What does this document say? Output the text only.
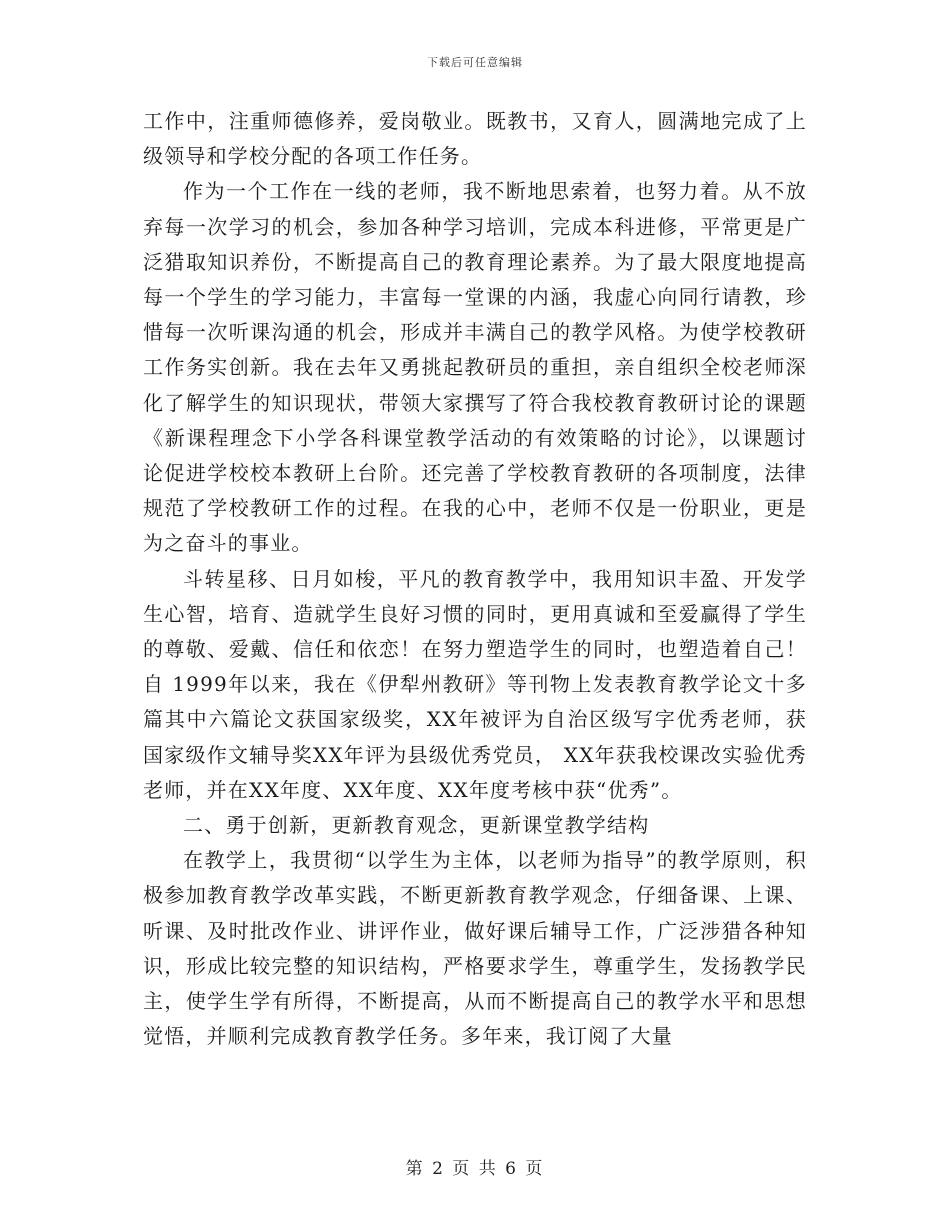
下载后可任意编辑

工作中，注重师德修养，爱岗敬业。既教书，又育人，圆满地完成了上级领导和学校分配的各项工作任务。

作为一个工作在一线的老师，我不断地思索着，也努力着。从不放弃每一次学习的机会，参加各种学习培训，完成本科进修，平常更是广泛猎取知识养份，不断提高自己的教育理论素养。为了最大限度地提高每一个学生的学习能力，丰富每一堂课的内涵，我虚心向同行请教，珍惜每一次听课沟通的机会，形成并丰满自己的教学风格。为使学校教研工作务实创新。我在去年又勇挑起教研员的重担，亲自组织全校老师深化了解学生的知识现状，带领大家撰写了符合我校教育教研讨论的课题《新课程理念下小学各科课堂教学活动的有效策略的讨论》，以课题讨论促进学校校本教研上台阶。还完善了学校教育教研的各项制度，法律规范了学校教研工作的过程。在我的心中，老师不仅是一份职业，更是为之奋斗的事业。

斗转星移、日月如梭，平凡的教育教学中，我用知识丰盈、开发学生心智，培育、造就学生良好习惯的同时，更用真诚和至爱赢得了学生的尊敬、爱戴、信任和依恋！在努力塑造学生的同时，也塑造着自己！自 1999年以来，我在《伊犁州教研》等刊物上发表教育教学论文十多篇其中六篇论文获国家级奖，XX年被评为自治区级写字优秀老师，获国家级作文辅导奖XX年评为县级优秀党员， XX年获我校课改实验优秀老师，并在XX年度、XX年度、XX年度考核中获“优秀”。

二、勇于创新，更新教育观念，更新课堂教学结构

在教学上，我贯彻“以学生为主体，以老师为指导”的教学原则，积极参加教育教学改革实践，不断更新教育教学观念，仔细备课、上课、听课、及时批改作业、讲评作业，做好课后辅导工作，广泛涉猎各种知识，形成比较完整的知识结构，严格要求学生，尊重学生，发扬教学民主，使学生学有所得，不断提高，从而不断提高自己的教学水平和思想觉悟，并顺利完成教育教学任务。多年来，我订阅了大量

第 2 页 共 6 页
